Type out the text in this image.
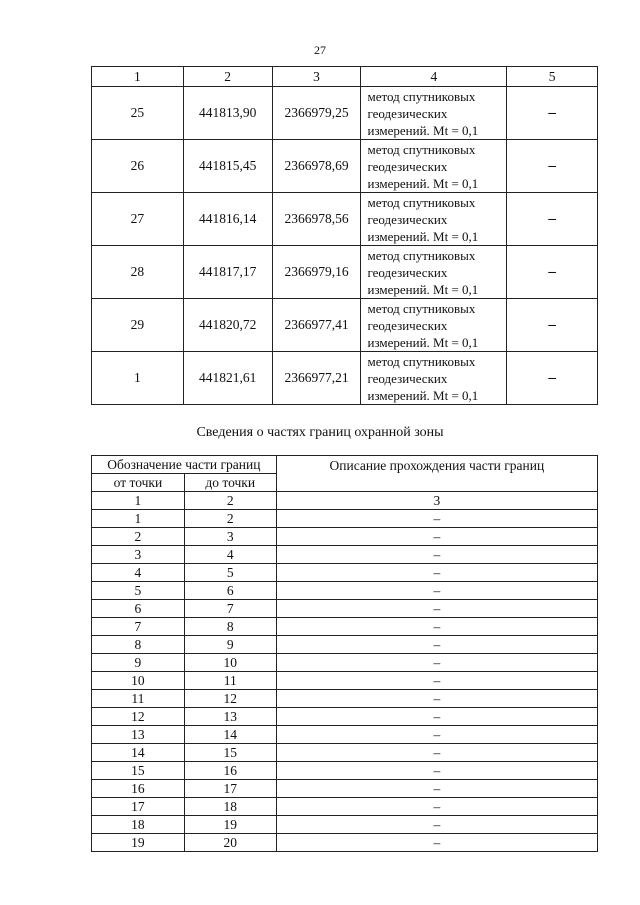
27
1	2	3	4	5
25	441813,90	2366979,25	метод спутниковых
геодезических
измерений. Mt = 0,1	–
26	441815,45	2366978,69	метод спутниковых
геодезических
измерений. Mt = 0,1	–
27	441816,14	2366978,56	метод спутниковых
геодезических
измерений. Mt = 0,1	–
28	441817,17	2366979,16	метод спутниковых
геодезических
измерений. Mt = 0,1	–
29	441820,72	2366977,41	метод спутниковых
геодезических
измерений. Mt = 0,1	–
1	441821,61	2366977,21	метод спутниковых
геодезических
измерений. Mt = 0,1	–
Сведения о частях границ охранной зоны
Обозначение части границ		Описание прохождения части границ
от точки	до точки	
1	2	3
1	2	–
2	3	–
3	4	–
4	5	–
5	6	–
6	7	–
7	8	–
8	9	–
9	10	–
10	11	–
11	12	–
12	13	–
13	14	–
14	15	–
15	16	–
16	17	–
17	18	–
18	19	–
19	20	–
